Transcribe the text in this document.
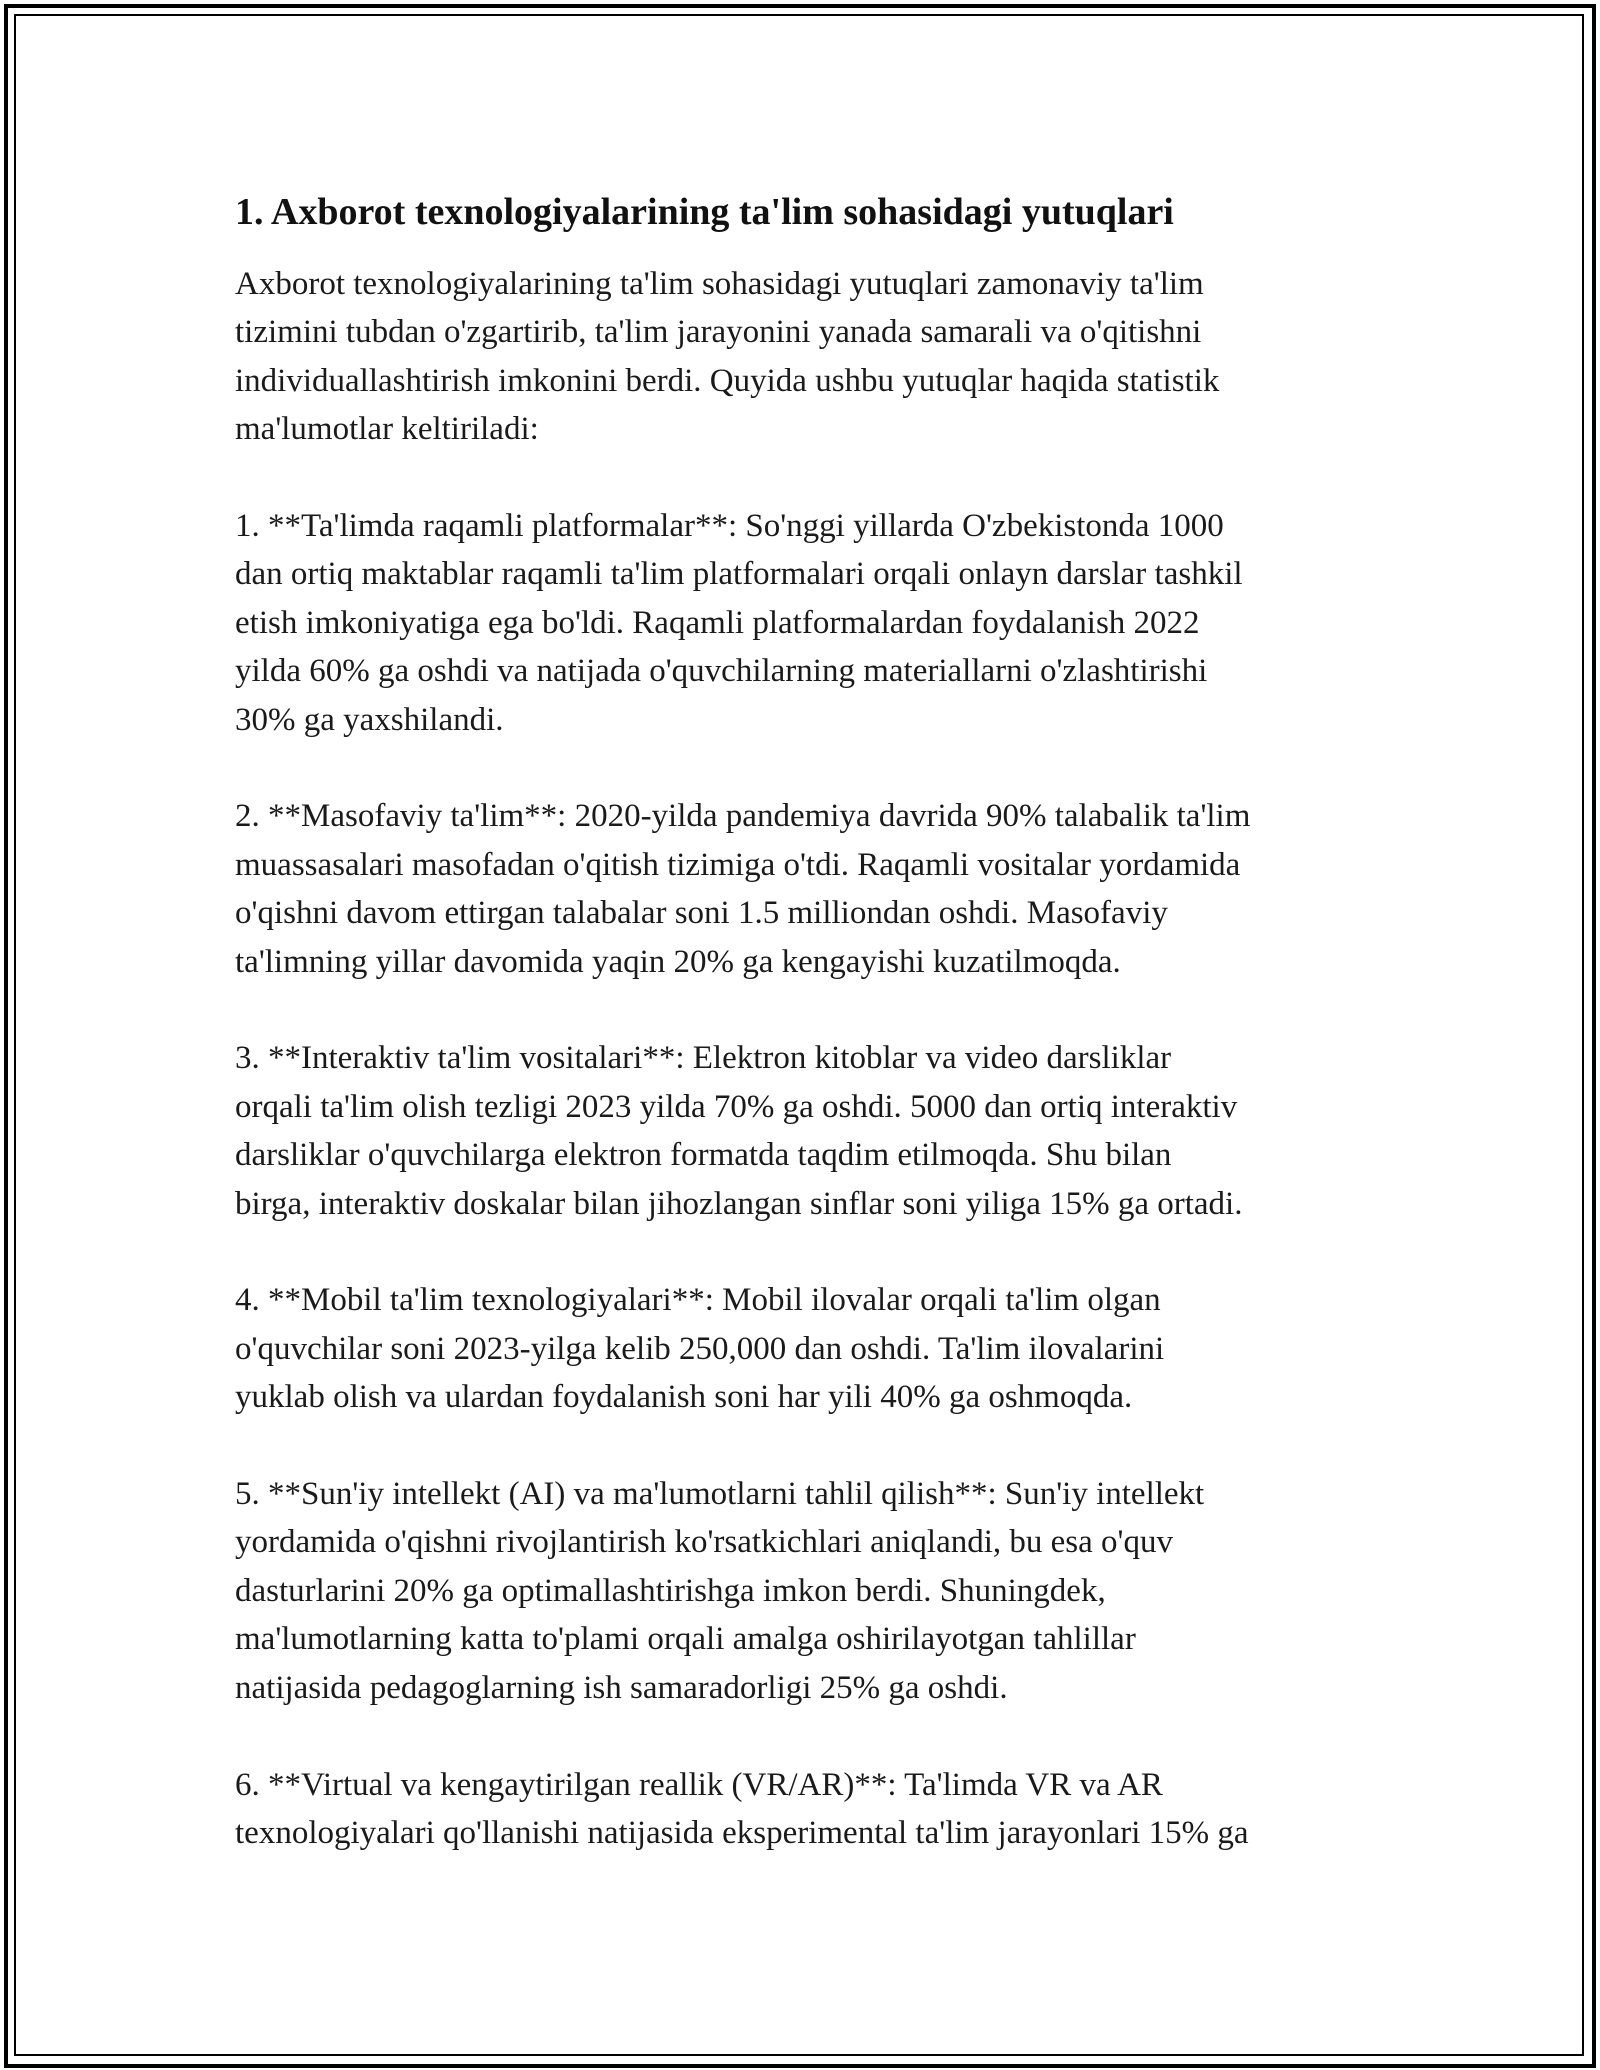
1. Axborot texnologiyalarining ta'lim sohasidagi yutuqlari

Axborot texnologiyalarining ta'lim sohasidagi yutuqlari zamonaviy ta'lim
tizimini tubdan o'zgartirib, ta'lim jarayonini yanada samarali va o'qitishni
individuallashtirish imkonini berdi. Quyida ushbu yutuqlar haqida statistik
ma'lumotlar keltiriladi:

1. **Ta'limda raqamli platformalar**: So'nggi yillarda O'zbekistonda 1000
dan ortiq maktablar raqamli ta'lim platformalari orqali onlayn darslar tashkil
etish imkoniyatiga ega bo'ldi. Raqamli platformalardan foydalanish 2022
yilda 60% ga oshdi va natijada o'quvchilarning materiallarni o'zlashtirishi
30% ga yaxshilandi.

2. **Masofaviy ta'lim**: 2020-yilda pandemiya davrida 90% talabalik ta'lim
muassasalari masofadan o'qitish tizimiga o'tdi. Raqamli vositalar yordamida
o'qishni davom ettirgan talabalar soni 1.5 milliondan oshdi. Masofaviy
ta'limning yillar davomida yaqin 20% ga kengayishi kuzatilmoqda.

3. **Interaktiv ta'lim vositalari**: Elektron kitoblar va video darsliklar
orqali ta'lim olish tezligi 2023 yilda 70% ga oshdi. 5000 dan ortiq interaktiv
darsliklar o'quvchilarga elektron formatda taqdim etilmoqda. Shu bilan
birga, interaktiv doskalar bilan jihozlangan sinflar soni yiliga 15% ga ortadi.

4. **Mobil ta'lim texnologiyalari**: Mobil ilovalar orqali ta'lim olgan
o'quvchilar soni 2023-yilga kelib 250,000 dan oshdi. Ta'lim ilovalarini
yuklab olish va ulardan foydalanish soni har yili 40% ga oshmoqda.

5. **Sun'iy intellekt (AI) va ma'lumotlarni tahlil qilish**: Sun'iy intellekt
yordamida o'qishni rivojlantirish ko'rsatkichlari aniqlandi, bu esa o'quv
dasturlarini 20% ga optimallashtirishga imkon berdi. Shuningdek,
ma'lumotlarning katta to'plami orqali amalga oshirilayotgan tahlillar
natijasida pedagoglarning ish samaradorligi 25% ga oshdi.

6. **Virtual va kengaytirilgan reallik (VR/AR)**: Ta'limda VR va AR
texnologiyalari qo'llanishi natijasida eksperimental ta'lim jarayonlari 15% ga
